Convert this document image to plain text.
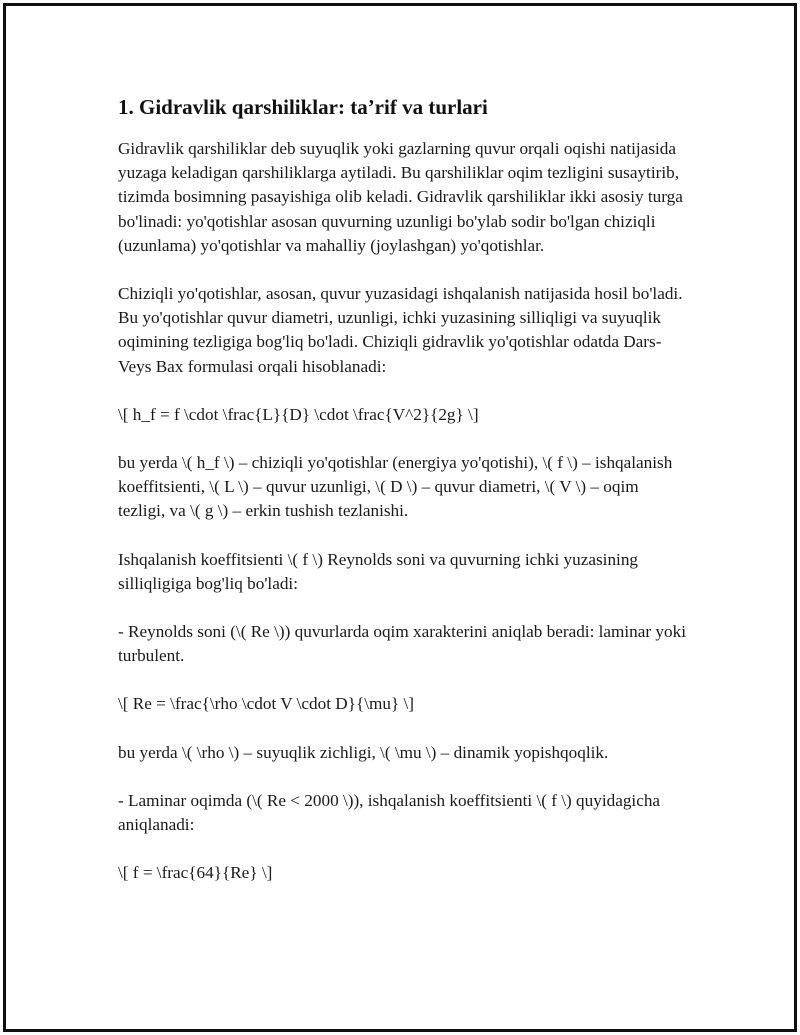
1. Gidravlik qarshiliklar: ta’rif va turlari

Gidravlik qarshiliklar deb suyuqlik yoki gazlarning quvur orqali oqishi natijasida yuzaga keladigan qarshiliklarga aytiladi. Bu qarshiliklar oqim tezligini susaytirib, tizimda bosimning pasayishiga olib keladi. Gidravlik qarshiliklar ikki asosiy turga bo'linadi: yo'qotishlar asosan quvurning uzunligi bo'ylab sodir bo'lgan chiziqli (uzunlama) yo'qotishlar va mahalliy (joylashgan) yo'qotishlar.

Chiziqli yo'qotishlar, asosan, quvur yuzasidagi ishqalanish natijasida hosil bo'ladi. Bu yo'qotishlar quvur diametri, uzunligi, ichki yuzasining silliqligi va suyuqlik oqimining tezligiga bog'liq bo'ladi. Chiziqli gidravlik yo'qotishlar odatda Dars-Veys Bax formulasi orqali hisoblanadi:

\[ h_f = f \cdot \frac{L}{D} \cdot \frac{V^2}{2g} \]

bu yerda \( h_f \) – chiziqli yo'qotishlar (energiya yo'qotishi), \( f \) – ishqalanish koeffitsienti, \( L \) – quvur uzunligi, \( D \) – quvur diametri, \( V \) – oqim tezligi, va \( g \) – erkin tushish tezlanishi.

Ishqalanish koeffitsienti \( f \) Reynolds soni va quvurning ichki yuzasining silliqligiga bog'liq bo'ladi:

- Reynolds soni (\( Re \)) quvurlarda oqim xarakterini aniqlab beradi: laminar yoki turbulent.

\[ Re = \frac{\rho \cdot V \cdot D}{\mu} \]

bu yerda \( \rho \) – suyuqlik zichligi, \( \mu \) – dinamik yopishqoqlik.

- Laminar oqimda (\( Re < 2000 \)), ishqalanish koeffitsienti \( f \) quyidagicha aniqlanadi:

\[ f = \frac{64}{Re} \]
